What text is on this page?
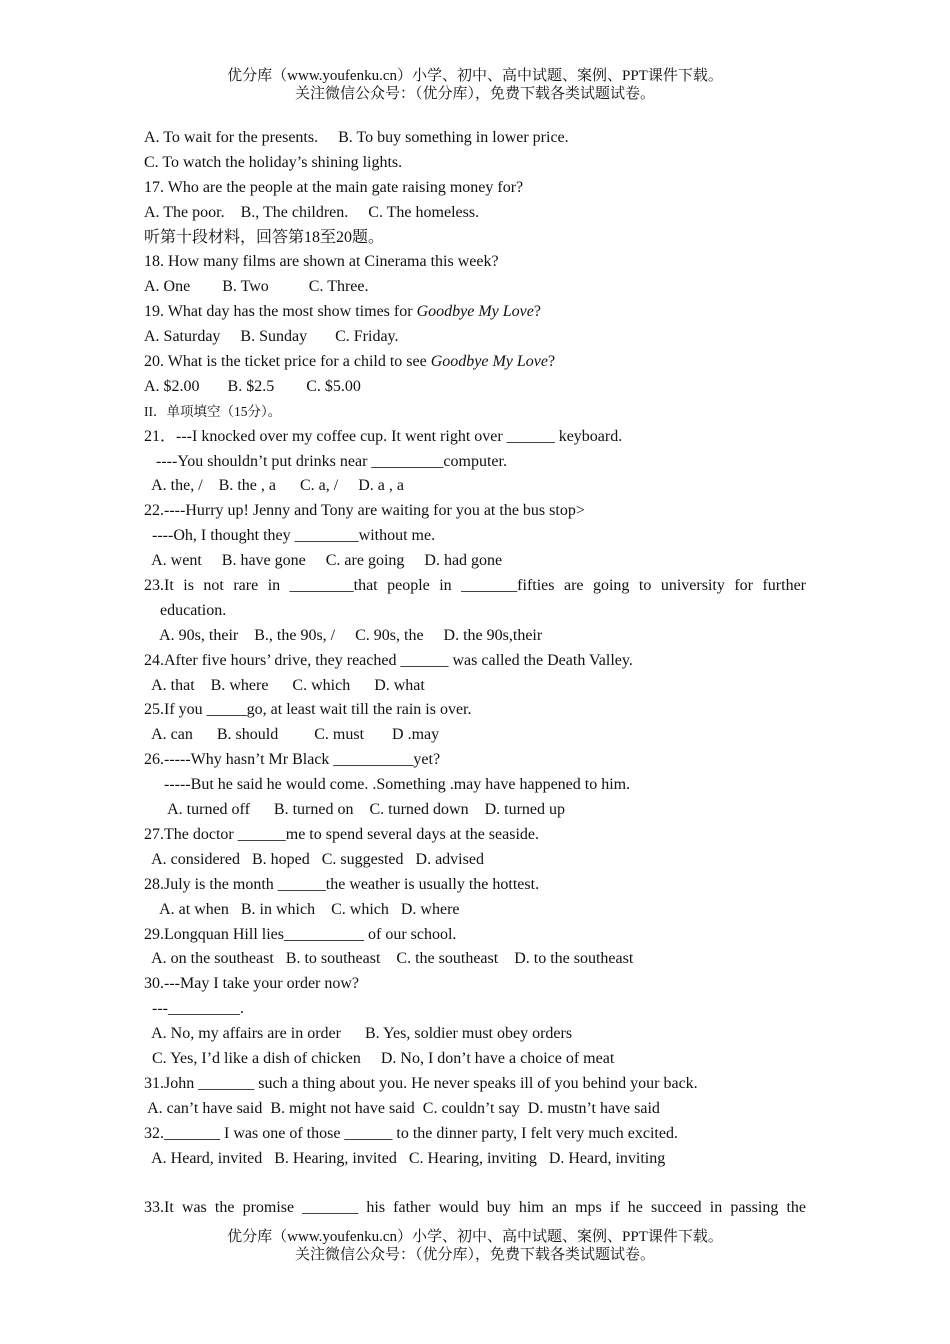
优分库（www.youfenku.cn）小学、初中、高中试题、案例、PPT课件下载。
关注微信公众号：（优分库），免费下载各类试题试卷。
A. To wait for the presents.     B. To buy something in lower price.
C. To watch the holiday’s shining lights.
17. Who are the people at the main gate raising money for?
A. The poor.    B., The children.     C. The homeless.
听第十段材料，回答第18至20题。
18. How many films are shown at Cinerama this week?
A. One        B. Two          C. Three.
19. What day has the most show times for Goodbye My Love?
A. Saturday     B. Sunday       C. Friday.
20. What is the ticket price for a child to see Goodbye My Love?
A. $2.00       B. $2.5        C. $5.00
II．单项填空（15分）。
21．---I knocked over my coffee cup. It went right over ______ keyboard.
----You shouldn’t put drinks near _________computer.
A. the, /    B. the , a      C. a, /     D. a , a
22.----Hurry up! Jenny and Tony are waiting for you at the bus stop>
----Oh, I thought they ________without me.
A. went     B. have gone     C. are going     D. had gone
23.It is not rare in ________that people in _______fifties are going to university for further
education.
A. 90s, their    B., the 90s, /     C. 90s, the     D. the 90s,their
24.After five hours’ drive, they reached ______ was called the Death Valley.
A. that    B. where      C. which      D. what
25.If you _____go, at least wait till the rain is over.
A. can      B. should         C. must       D .may
26.-----Why hasn’t Mr Black __________yet?
-----But he said he would come. .Something .may have happened to him.
A. turned off      B. turned on    C. turned down    D. turned up
27.The doctor ______me to spend several days at the seaside.
A. considered   B. hoped   C. suggested   D. advised
28.July is the month ______the weather is usually the hottest.
A. at when   B. in which    C. which   D. where
29.Longquan Hill lies__________ of our school.
A. on the southeast   B. to southeast    C. the southeast    D. to the southeast
30.---May I take your order now?
---_________.
A. No, my affairs are in order      B. Yes, soldier must obey orders
C. Yes, I’d like a dish of chicken     D. No, I don’t have a choice of meat
31.John _______ such a thing about you. He never speaks ill of you behind your back.
A. can’t have said  B. might not have said  C. couldn’t say  D. mustn’t have said
32._______ I was one of those ______ to the dinner party, I felt very much excited.
A. Heard, invited   B. Hearing, invited   C. Hearing, inviting   D. Heard, inviting
33.It was the promise _______ his father would buy him an mps if he succeed in passing the
优分库（www.youfenku.cn）小学、初中、高中试题、案例、PPT课件下载。
关注微信公众号：（优分库），免费下载各类试题试卷。
